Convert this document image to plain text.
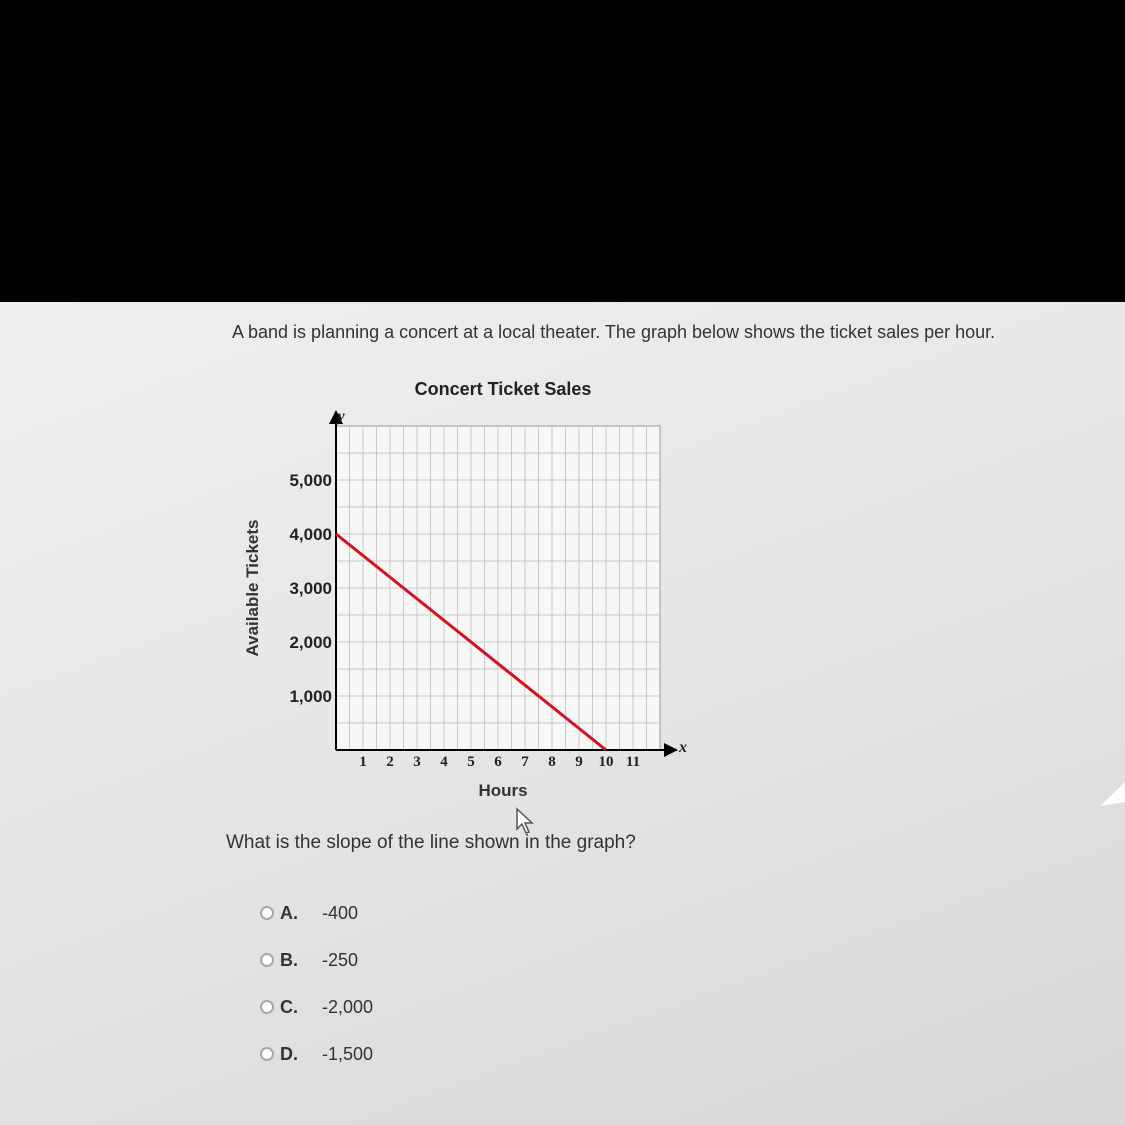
A band is planning a concert at a local theater. The graph below shows the ticket sales per hour.
Concert Ticket Sales
1 2 3 4 5 6 7 8 9 10 11
1,000
2,000
3,000
4,000
5,000
Hours
Available Tickets
x
y
What is the slope of the line shown in the graph?
A.	-400
B.	-250
C.	-2,000
D.	-1,500
